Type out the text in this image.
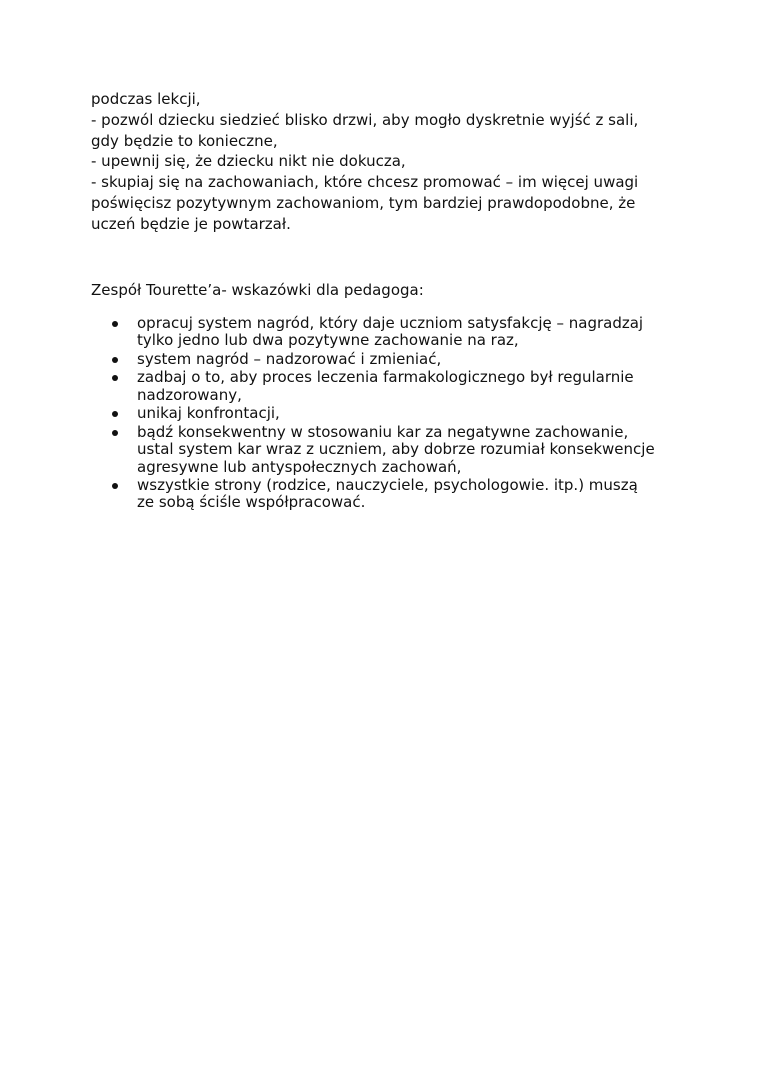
podczas lekcji,
- pozwól dziecku siedzieć blisko drzwi, aby mogło dyskretnie wyjść z sali,
gdy będzie to konieczne,
- upewnij się, że dziecku nikt nie dokucza,
- skupiaj się na zachowaniach, które chcesz promować – im więcej uwagi
poświęcisz pozytywnym zachowaniom, tym bardziej prawdopodobne, że
uczeń będzie je powtarzał.
Zespół Tourette’a- wskazówki dla pedagoga:
opracuj system nagród, który daje uczniom satysfakcję – nagradzaj
tylko jedno lub dwa pozytywne zachowanie na raz,
system nagród – nadzorować i zmieniać,
zadbaj o to, aby proces leczenia farmakologicznego był regularnie
nadzorowany,
unikaj konfrontacji,
bądź konsekwentny w stosowaniu kar za negatywne zachowanie,
ustal system kar wraz z uczniem, aby dobrze rozumiał konsekwencje
agresywne lub antyspołecznych zachowań,
wszystkie strony (rodzice, nauczyciele, psychologowie. itp.) muszą
ze sobą ściśle współpracować.
